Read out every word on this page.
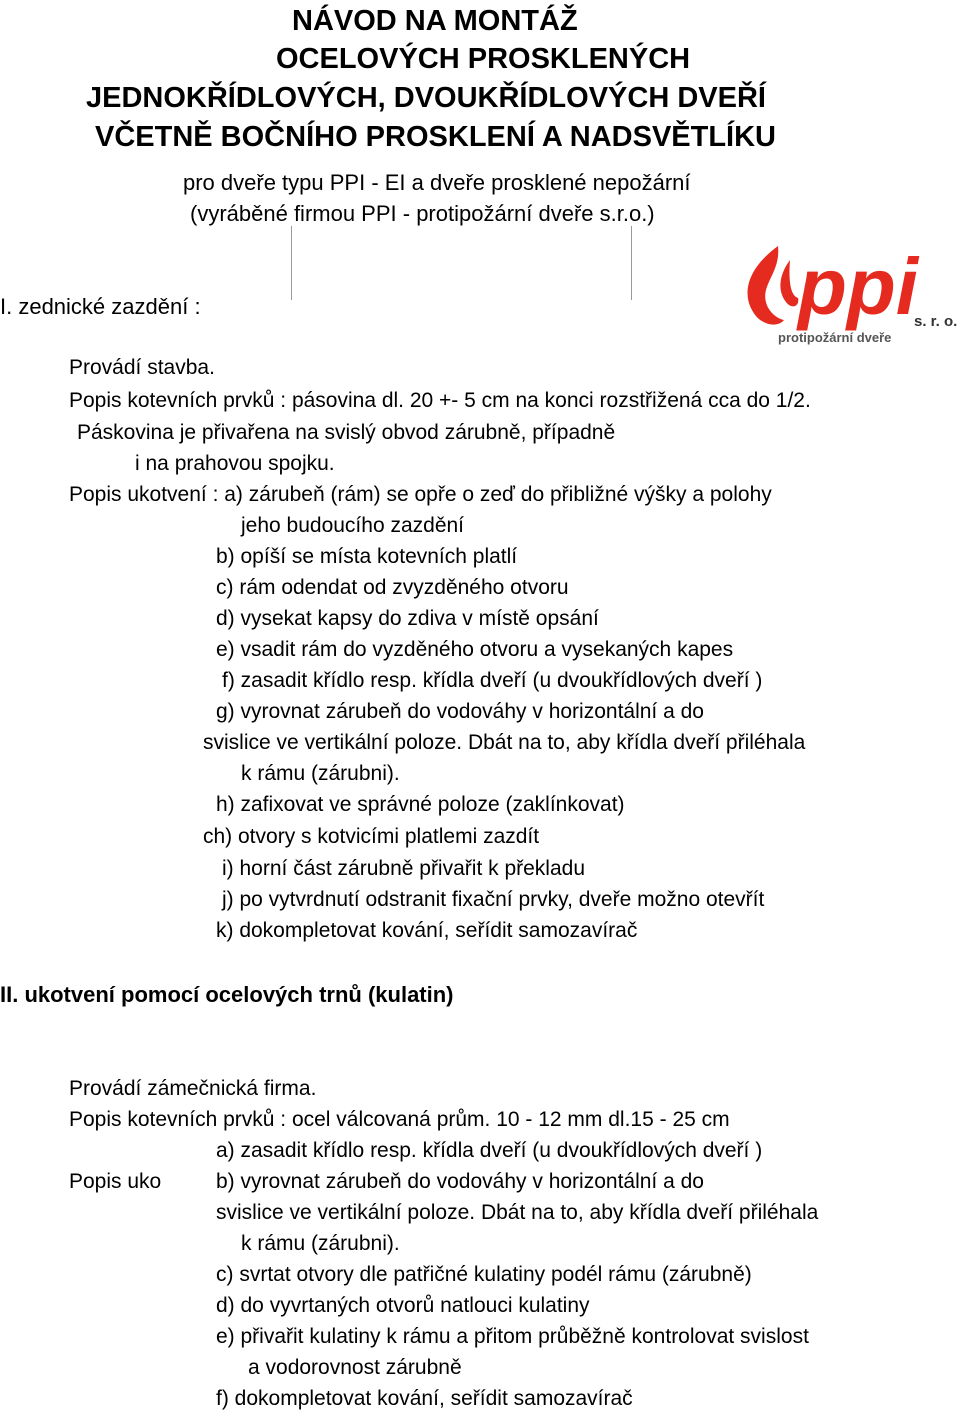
NÁVOD NA MONTÁŽ
OCELOVÝCH PROSKLENÝCH
JEDNOKŘÍDLOVÝCH, DVOUKŘÍDLOVÝCH DVEŘÍ
VČETNĚ BOČNÍHO PROSKLENÍ A NADSVĚTLÍKU
pro dveře typu PPI - EI a dveře prosklené nepožární
(vyráběné firmou PPI - protipožární dveře s.r.o.)
ppi
s. r. o.
protipožární dveře
I. zednické zazdění :
Provádí stavba.
Popis kotevních prvků : pásovina dl. 20 +- 5 cm na konci rozstřižená cca do 1/2.
Páskovina je přivařena na svislý obvod zárubně, případně
i na prahovou spojku.
Popis ukotvení : a) zárubeň (rám) se opře o zeď do přibližné výšky a polohy
jeho budoucího zazdění
b) opíší se místa kotevních platlí
c) rám odendat od zvyzděného otvoru
d) vysekat kapsy do zdiva v místě opsání
e) vsadit rám do vyzděného otvoru a vysekaných kapes
f) zasadit křídlo resp. křídla dveří (u dvoukřídlových dveří )
g) vyrovnat zárubeň do vodováhy v horizontální a do
svislice ve vertikální poloze. Dbát na to, aby křídla dveří přiléhala
k rámu (zárubni).
h) zafixovat ve správné poloze (zaklínkovat)
ch) otvory s kotvicími platlemi zazdít
i) horní část zárubně přivařit k překladu
j) po vytvrdnutí odstranit fixační prvky, dveře možno otevřít
k) dokompletovat kování, seřídit samozavírač
II. ukotvení pomocí ocelových trnů (kulatin)
Provádí zámečnická firma.
Popis kotevních prvků : ocel válcovaná prům. 10 - 12 mm dl.15 - 25 cm
a) zasadit křídlo resp. křídla dveří (u dvoukřídlových dveří )
Popis uko	b) vyrovnat zárubeň do vodováhy v horizontální a do
svislice ve vertikální poloze. Dbát na to, aby křídla dveří přiléhala
k rámu (zárubni).
c) svrtat otvory dle patřičné kulatiny podél rámu (zárubně)
d) do vyvrtaných otvorů natlouci kulatiny
e) přivařit kulatiny k rámu a přitom průběžně kontrolovat svislost
a vodorovnost zárubně
f) dokompletovat kování, seřídit samozavírač
